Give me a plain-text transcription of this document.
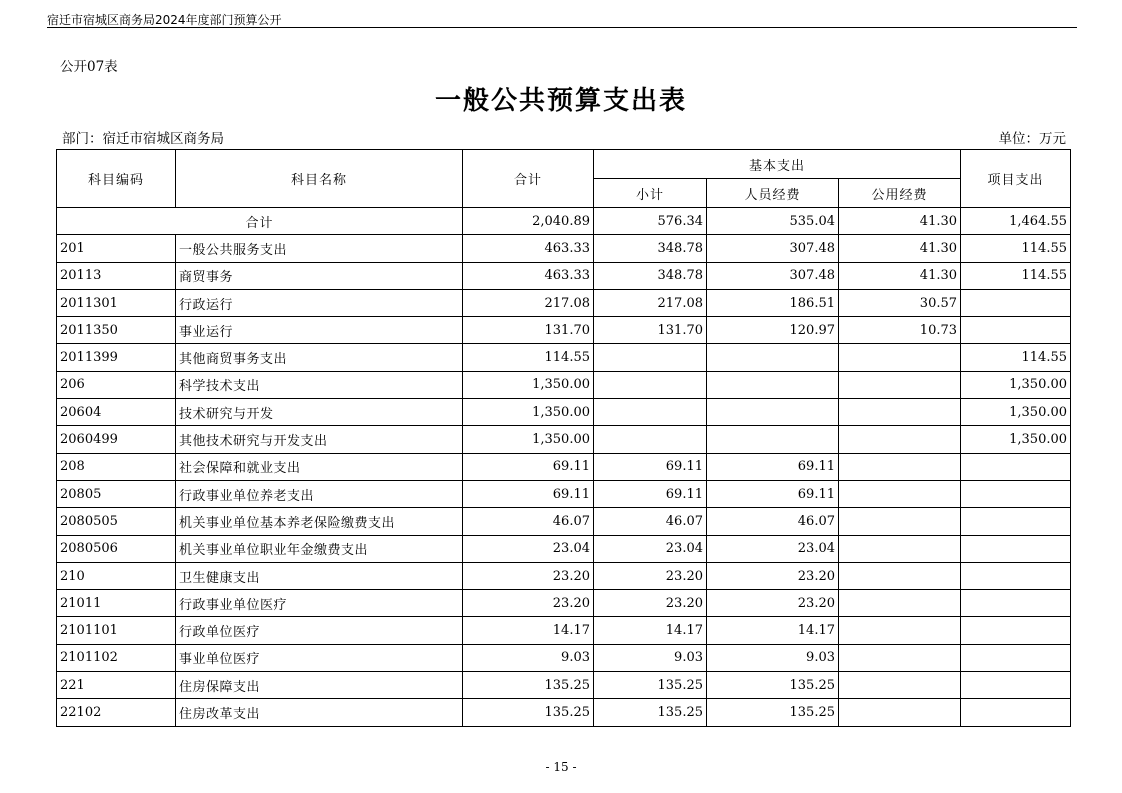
宿迁市宿城区商务局2024年度部门预算公开
公开07表
一般公共预算支出表
部门：宿迁市宿城区商务局	单位：万元
科目编码	科目名称	合计	基本支出			项目支出
			小计	人员经费	公用经费	
合计		2,040.89	576.34	535.04	41.30	1,464.55
201	一般公共服务支出	463.33	348.78	307.48	41.30	114.55
20113	商贸事务	463.33	348.78	307.48	41.30	114.55
2011301	行政运行	217.08	217.08	186.51	30.57	
2011350	事业运行	131.70	131.70	120.97	10.73	
2011399	其他商贸事务支出	114.55				114.55
206	科学技术支出	1,350.00				1,350.00
20604	技术研究与开发	1,350.00				1,350.00
2060499	其他技术研究与开发支出	1,350.00				1,350.00
208	社会保障和就业支出	69.11	69.11	69.11		
20805	行政事业单位养老支出	69.11	69.11	69.11		
2080505	机关事业单位基本养老保险缴费支出	46.07	46.07	46.07		
2080506	机关事业单位职业年金缴费支出	23.04	23.04	23.04		
210	卫生健康支出	23.20	23.20	23.20		
21011	行政事业单位医疗	23.20	23.20	23.20		
2101101	行政单位医疗	14.17	14.17	14.17		
2101102	事业单位医疗	9.03	9.03	9.03		
221	住房保障支出	135.25	135.25	135.25		
22102	住房改革支出	135.25	135.25	135.25		
- 15 -
